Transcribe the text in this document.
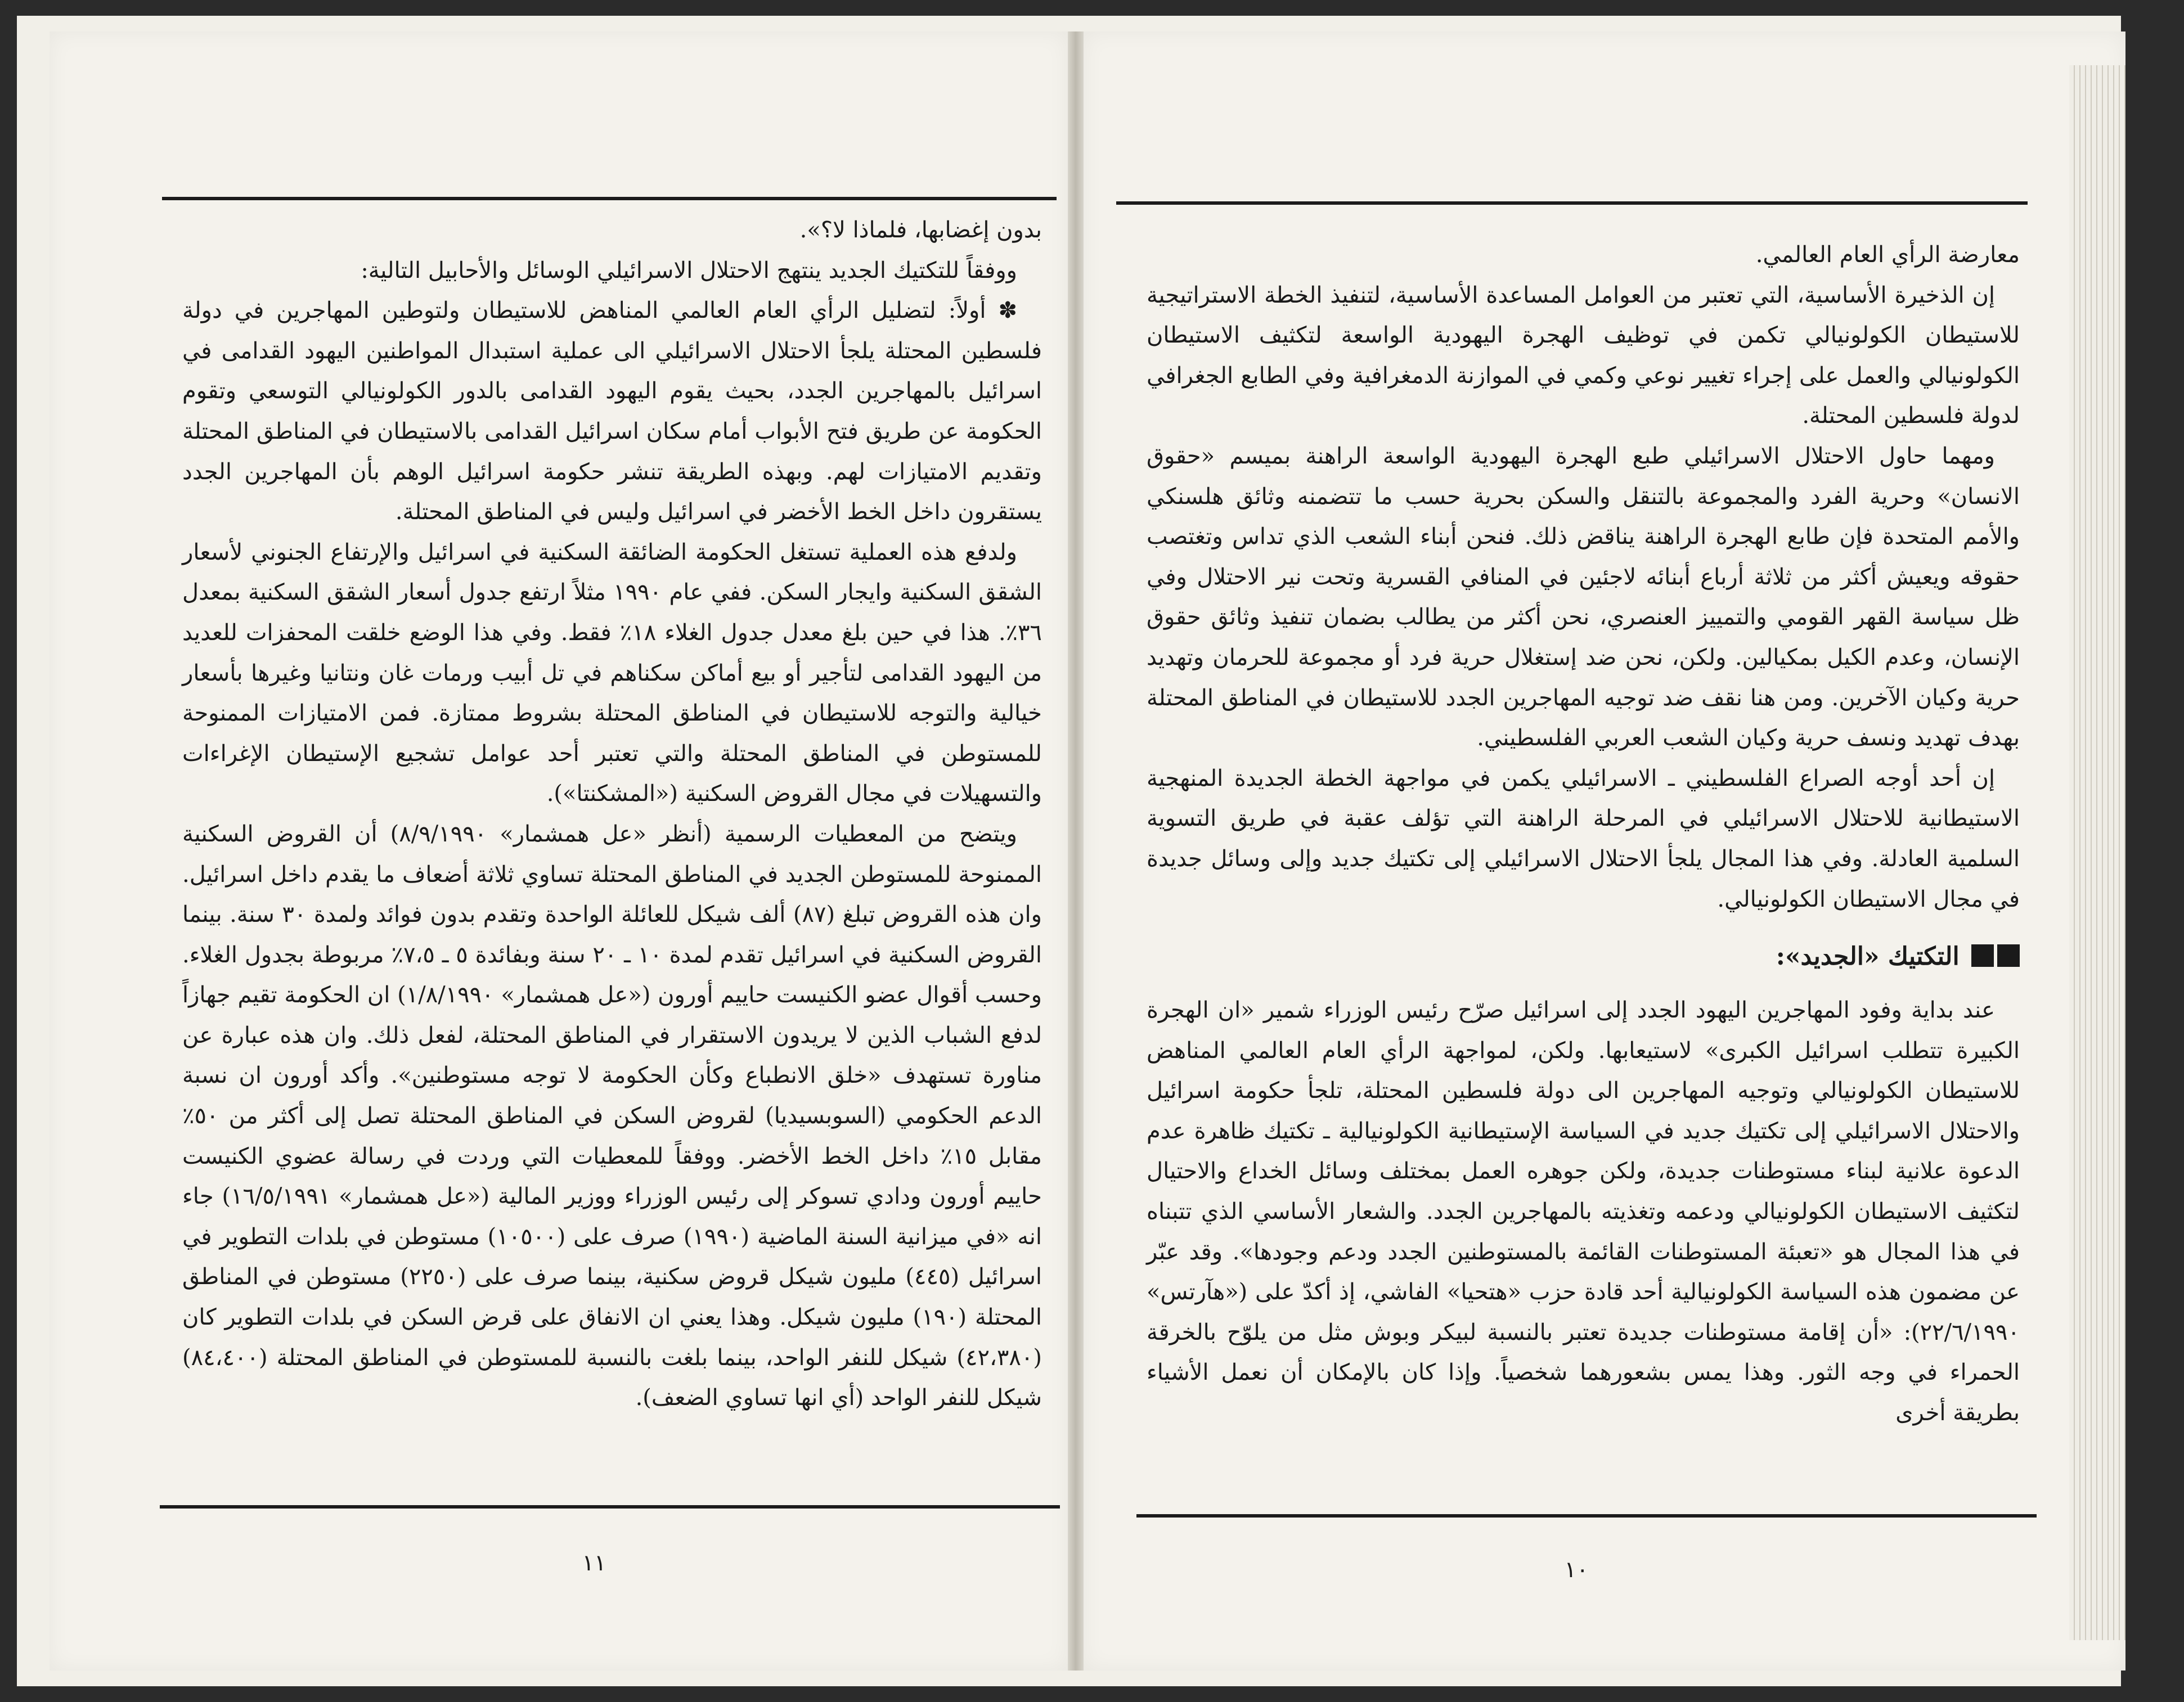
بدون إغضابها، فلماذا لا؟».

ووفقاً للتكتيك الجديد ينتهج الاحتلال الاسرائيلي الوسائل والأحابيل التالية:

✽ أولاً: لتضليل الرأي العام العالمي المناهض للاستيطان ولتوطين المهاجرين في دولة فلسطين المحتلة يلجأ الاحتلال الاسرائيلي الى عملية استبدال المواطنين اليهود القدامى في اسرائيل بالمهاجرين الجدد، بحيث يقوم اليهود القدامى بالدور الكولونيالي التوسعي وتقوم الحكومة عن طريق فتح الأبواب أمام سكان اسرائيل القدامى بالاستيطان في المناطق المحتلة وتقديم الامتيازات لهم. وبهذه الطريقة تنشر حكومة اسرائيل الوهم بأن المهاجرين الجدد يستقرون داخل الخط الأخضر في اسرائيل وليس في المناطق المحتلة.

ولدفع هذه العملية تستغل الحكومة الضائقة السكنية في اسرائيل والإرتفاع الجنوني لأسعار الشقق السكنية وايجار السكن. ففي عام ١٩٩٠ مثلاً ارتفع جدول أسعار الشقق السكنية بمعدل ٣٦٪. هذا في حين بلغ معدل جدول الغلاء ١٨٪ فقط. وفي هذا الوضع خلقت المحفزات للعديد من اليهود القدامى لتأجير أو بيع أماكن سكناهم في تل أبيب ورمات غان ونتانيا وغيرها بأسعار خيالية والتوجه للاستيطان في المناطق المحتلة بشروط ممتازة. فمن الامتيازات الممنوحة للمستوطن في المناطق المحتلة والتي تعتبر أحد عوامل تشجيع الإستيطان الإغراءات والتسهيلات في مجال القروض السكنية («المشكنتا»).

ويتضح من المعطيات الرسمية (أنظر «عل همشمار» ٨/٩/١٩٩٠) أن القروض السكنية الممنوحة للمستوطن الجديد في المناطق المحتلة تساوي ثلاثة أضعاف ما يقدم داخل اسرائيل. وان هذه القروض تبلغ (٨٧) ألف شيكل للعائلة الواحدة وتقدم بدون فوائد ولمدة ٣٠ سنة. بينما القروض السكنية في اسرائيل تقدم لمدة ١٠ ـ ٢٠ سنة وبفائدة ٥ ـ ٧،٥٪ مربوطة بجدول الغلاء. وحسب أقوال عضو الكنيست حاييم أورون («عل همشمار» ١/٨/١٩٩٠) ان الحكومة تقيم جهازاً لدفع الشباب الذين لا يريدون الاستقرار في المناطق المحتلة، لفعل ذلك. وان هذه عبارة عن مناورة تستهدف «خلق الانطباع وكأن الحكومة لا توجه مستوطنين». وأكد أورون ان نسبة الدعم الحكومي (السوبسيديا) لقروض السكن في المناطق المحتلة تصل إلى أكثر من ٥٠٪ مقابل ١٥٪ داخل الخط الأخضر. ووفقاً للمعطيات التي وردت في رسالة عضوي الكنيست حاييم أورون ودادي تسوكر إلى رئيس الوزراء ووزير المالية («عل همشمار» ١٦/٥/١٩٩١) جاء انه «في ميزانية السنة الماضية (١٩٩٠) صرف على (١٠٥٠٠) مستوطن في بلدات التطوير في اسرائيل (٤٤٥) مليون شيكل قروض سكنية، بينما صرف على (٢٢٥٠) مستوطن في المناطق المحتلة (١٩٠) مليون شيكل. وهذا يعني ان الانفاق على قرض السكن في بلدات التطوير كان (٤٢،٣٨٠) شيكل للنفر الواحد، بينما بلغت بالنسبة للمستوطن في المناطق المحتلة (٨٤،٤٠٠) شيكل للنفر الواحد (أي انها تساوي الضعف).

١١

معارضة الرأي العام العالمي.

إن الذخيرة الأساسية، التي تعتبر من العوامل المساعدة الأساسية، لتنفيذ الخطة الاستراتيجية للاستيطان الكولونيالي تكمن في توظيف الهجرة اليهودية الواسعة لتكثيف الاستيطان الكولونيالي والعمل على إجراء تغيير نوعي وكمي في الموازنة الدمغرافية وفي الطابع الجغرافي لدولة فلسطين المحتلة.

ومهما حاول الاحتلال الاسرائيلي طبع الهجرة اليهودية الواسعة الراهنة بميسم «حقوق الانسان» وحرية الفرد والمجموعة بالتنقل والسكن بحرية حسب ما تتضمنه وثائق هلسنكي والأمم المتحدة فإن طابع الهجرة الراهنة يناقض ذلك. فنحن أبناء الشعب الذي تداس وتغتصب حقوقه ويعيش أكثر من ثلاثة أرباع أبنائه لاجئين في المنافي القسرية وتحت نير الاحتلال وفي ظل سياسة القهر القومي والتمييز العنصري، نحن أكثر من يطالب بضمان تنفيذ وثائق حقوق الإنسان، وعدم الكيل بمكيالين. ولكن، نحن ضد إستغلال حرية فرد أو مجموعة للحرمان وتهديد حرية وكيان الآخرين. ومن هنا نقف ضد توجيه المهاجرين الجدد للاستيطان في المناطق المحتلة بهدف تهديد ونسف حرية وكيان الشعب العربي الفلسطيني.

إن أحد أوجه الصراع الفلسطيني ـ الاسرائيلي يكمن في مواجهة الخطة الجديدة المنهجية الاستيطانية للاحتلال الاسرائيلي في المرحلة الراهنة التي تؤلف عقبة في طريق التسوية السلمية العادلة. وفي هذا المجال يلجأ الاحتلال الاسرائيلي إلى تكتيك جديد وإلى وسائل جديدة في مجال الاستيطان الكولونيالي.

التكتيك «الجديد»:

عند بداية وفود المهاجرين اليهود الجدد إلى اسرائيل صرّح رئيس الوزراء شمير «ان الهجرة الكبيرة تتطلب اسرائيل الكبرى» لاستيعابها. ولكن، لمواجهة الرأي العام العالمي المناهض للاستيطان الكولونيالي وتوجيه المهاجرين الى دولة فلسطين المحتلة، تلجأ حكومة اسرائيل والاحتلال الاسرائيلي إلى تكتيك جديد في السياسة الإستيطانية الكولونيالية ـ تكتيك ظاهرة عدم الدعوة علانية لبناء مستوطنات جديدة، ولكن جوهره العمل بمختلف وسائل الخداع والاحتيال لتكثيف الاستيطان الكولونيالي ودعمه وتغذيته بالمهاجرين الجدد. والشعار الأساسي الذي تتبناه في هذا المجال هو «تعبئة المستوطنات القائمة بالمستوطنين الجدد ودعم وجودها». وقد عبّر عن مضمون هذه السياسة الكولونيالية أحد قادة حزب «هتحيا» الفاشي، إذ أكدّ على («هآرتس» ٢٢/٦/١٩٩٠): «أن إقامة مستوطنات جديدة تعتبر بالنسبة لبيكر وبوش مثل من يلوّح بالخرقة الحمراء في وجه الثور. وهذا يمس بشعورهما شخصياً. وإذا كان بالإمكان أن نعمل الأشياء بطريقة أخرى

١٠
